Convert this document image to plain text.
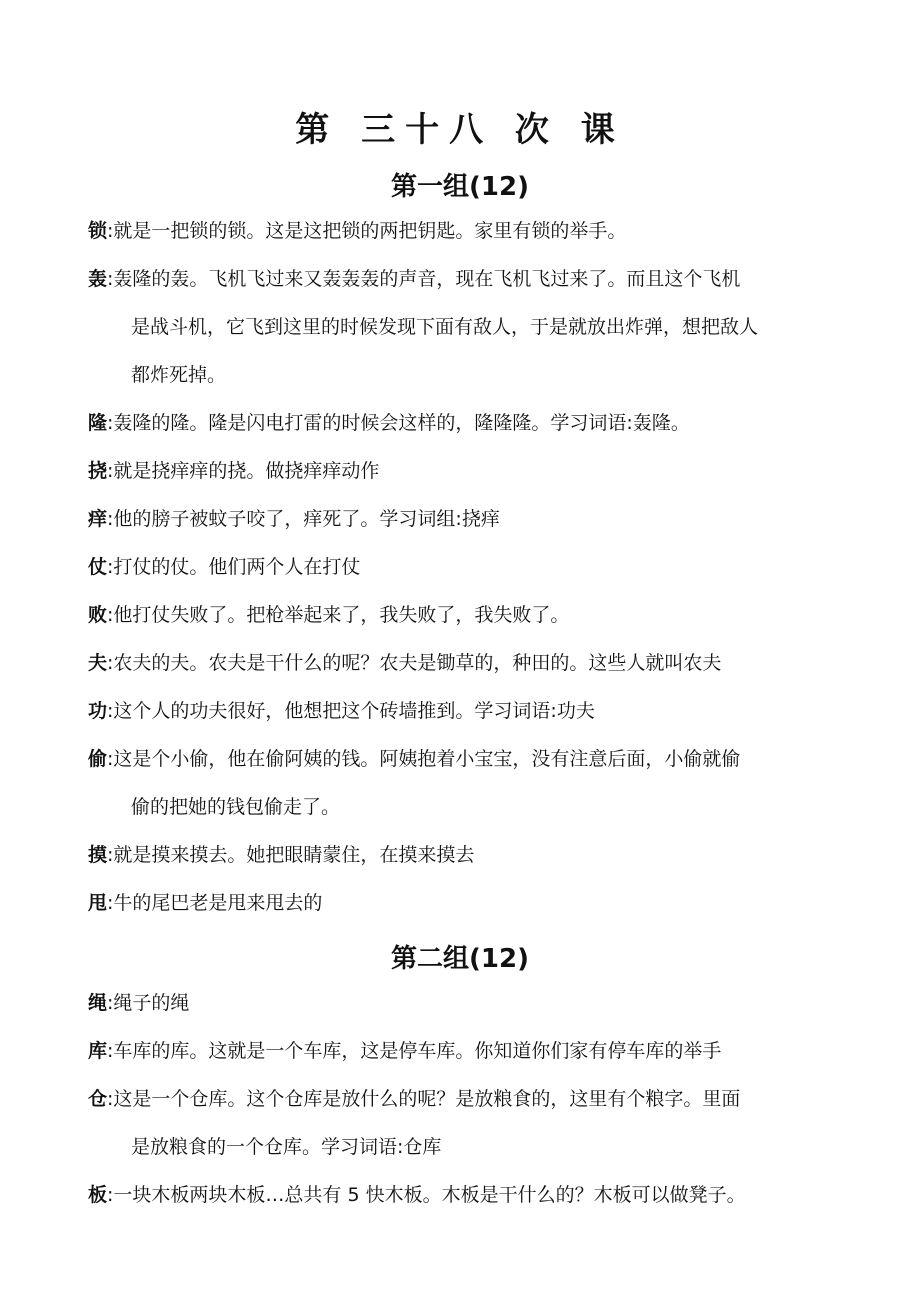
第 三十八 次 课
第一组(12)
锁:就是一把锁的锁。这是这把锁的两把钥匙。家里有锁的举手。
轰:轰隆的轰。飞机飞过来又轰轰轰的声音，现在飞机飞过来了。而且这个飞机
是战斗机，它飞到这里的时候发现下面有敌人，于是就放出炸弹，想把敌人
都炸死掉。
隆:轰隆的隆。隆是闪电打雷的时候会这样的，隆隆隆。学习词语:轰隆。
挠:就是挠痒痒的挠。做挠痒痒动作
痒:他的膀子被蚊子咬了，痒死了。学习词组:挠痒
仗:打仗的仗。他们两个人在打仗
败:他打仗失败了。把枪举起来了，我失败了，我失败了。
夫:农夫的夫。农夫是干什么的呢？农夫是锄草的，种田的。这些人就叫农夫
功:这个人的功夫很好，他想把这个砖墙推到。学习词语:功夫
偷:这是个小偷，他在偷阿姨的钱。阿姨抱着小宝宝，没有注意后面，小偷就偷
偷的把她的钱包偷走了。
摸:就是摸来摸去。她把眼睛蒙住，在摸来摸去
甩:牛的尾巴老是甩来甩去的
第二组(12)
绳:绳子的绳
库:车库的库。这就是一个车库，这是停车库。你知道你们家有停车库的举手
仓:这是一个仓库。这个仓库是放什么的呢？是放粮食的，这里有个粮字。里面
是放粮食的一个仓库。学习词语:仓库
板:一块木板两块木板…总共有 5 快木板。木板是干什么的？木板可以做凳子。
